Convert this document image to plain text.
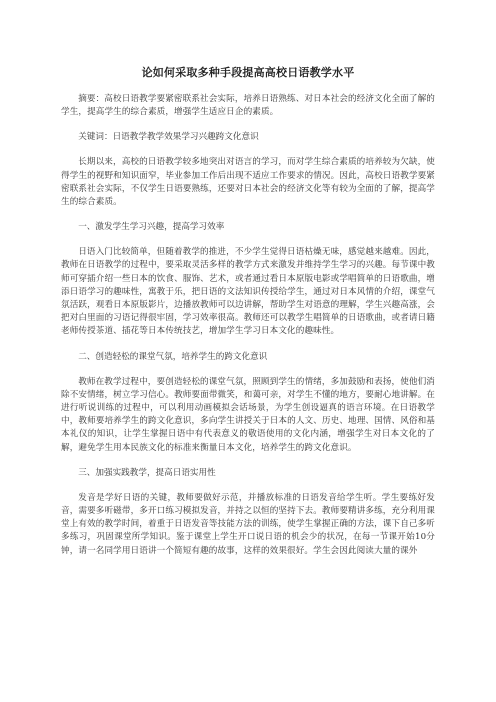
论如何采取多种手段提高高校日语教学水平

摘要：高校日语教学要紧密联系社会实际，培养日语熟练、对日本社会的经济文化全面了解的学生，提高学生的综合素质，增强学生适应日企的素质。

关键词：日语教学教学效果学习兴趣跨文化意识

长期以来，高校的日语教学较多地突出对语言的学习，而对学生综合素质的培养较为欠缺，使得学生的视野和知识面窄，毕业参加工作后出现不适应工作要求的情况。因此，高校日语教学要紧密联系社会实际，不仅学生日语要熟练，还要对日本社会的经济文化等有较为全面的了解，提高学生的综合素质。

一、激发学生学习兴趣，提高学习效率

日语入门比较简单，但随着教学的推进，不少学生觉得日语枯燥无味，感觉越来越难。因此，教师在日语教学的过程中，要采取灵活多样的教学方式来激发并维持学生学习的兴趣。每节课中教师可穿插介绍一些日本的饮食、服饰、艺术，或者通过看日本原版电影或学唱简单的日语歌曲，增添日语学习的趣味性，寓教于乐，把日语的文法知识传授给学生，通过对日本风情的介绍，课堂气氛活跃，观看日本原版影片，边播放教师可以边讲解，帮助学生对语意的理解，学生兴趣高涨，会把对白里面的习语记得很牢固，学习效率很高。教师还可以教学生唱简单的日语歌曲，或者请日籍老师传授茶道、插花等日本传统技艺，增加学生学习日本文化的趣味性。

二、创造轻松的课堂气氛，培养学生的跨文化意识

教师在教学过程中，要创造轻松的课堂气氛，照顾到学生的情绪，多加鼓励和表扬，使他们消除不安情绪，树立学习信心。教师要面带微笑，和蔼可亲，对学生不懂的地方，要耐心地讲解。在进行听说训练的过程中，可以利用动画模拟会话场景，为学生创设逼真的语言环境。在日语教学中，教师要培养学生的跨文化意识，多向学生讲授关于日本的人文、历史、地理、国情、风俗和基本礼仪的知识，让学生掌握日语中有代表意义的敬语使用的文化内涵，增强学生对日本文化的了解，避免学生用本民族文化的标准来衡量日本文化，培养学生的跨文化意识。

三、加强实践教学，提高日语实用性

发音是学好日语的关键，教师要做好示范，并播放标准的日语发音给学生听。学生要练好发音，需要多听磁带，多开口练习模拟发音，并持之以恒的坚持下去。教师要精讲多练，充分利用课堂上有效的教学时间，着重于日语发音等技能方法的训练，使学生掌握正确的方法，课下自己多听多练习，巩固课堂所学知识。鉴于课堂上学生开口说日语的机会少的状况，在每一节课开始10分钟，请一名同学用日语讲一个简短有趣的故事，这样的效果很好。学生会因此阅读大量的课外
